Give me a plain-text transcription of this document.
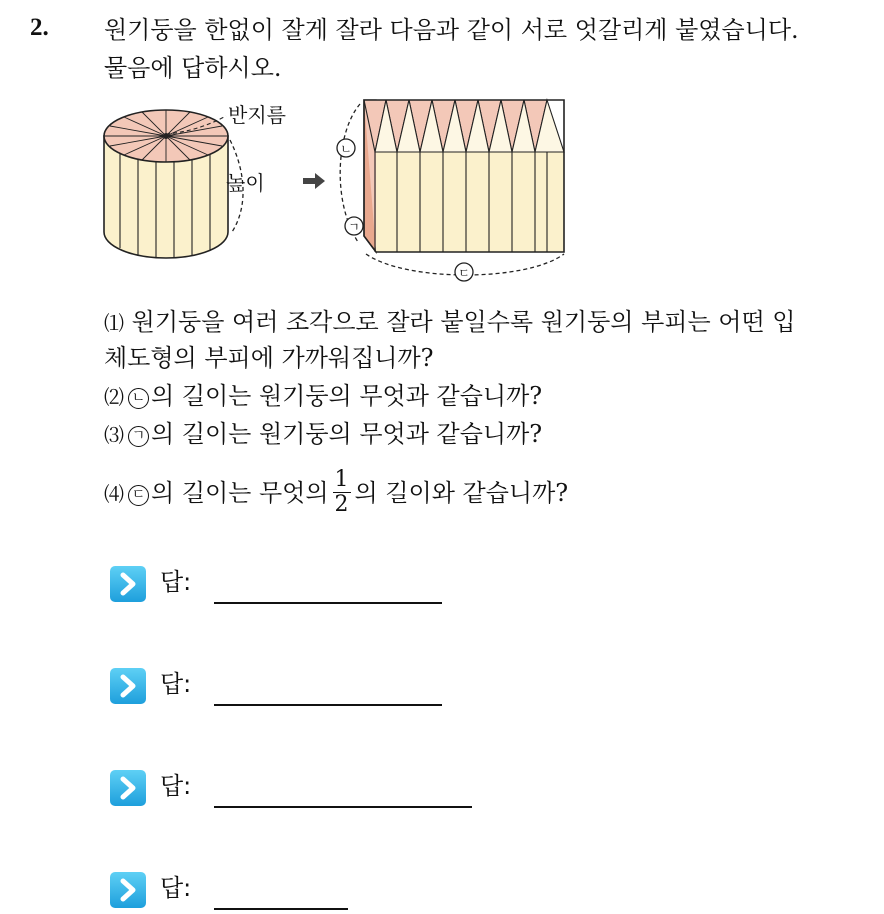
2. 원기둥을 한없이 잘게 잘라 다음과 같이 서로 엇갈리게 붙였습니다.
물음에 답하시오.
반지름
높이
ㄴ
ㄱ
ㄷ
⑴ 원기둥을 여러 조각으로 잘라 붙일수록 원기둥의 부피는 어떤 입
체도형의 부피에 가까워집니까?
⑵ ㄴ 의 길이는 원기둥의 무엇과 같습니까?
⑶ ㄱ 의 길이는 원기둥의 무엇과 같습니까?
⑷ ㄷ 의 길이는 무엇의 $\frac{1}{2}$ 의 길이와 같습니까?
답:
답:
답:
답:
